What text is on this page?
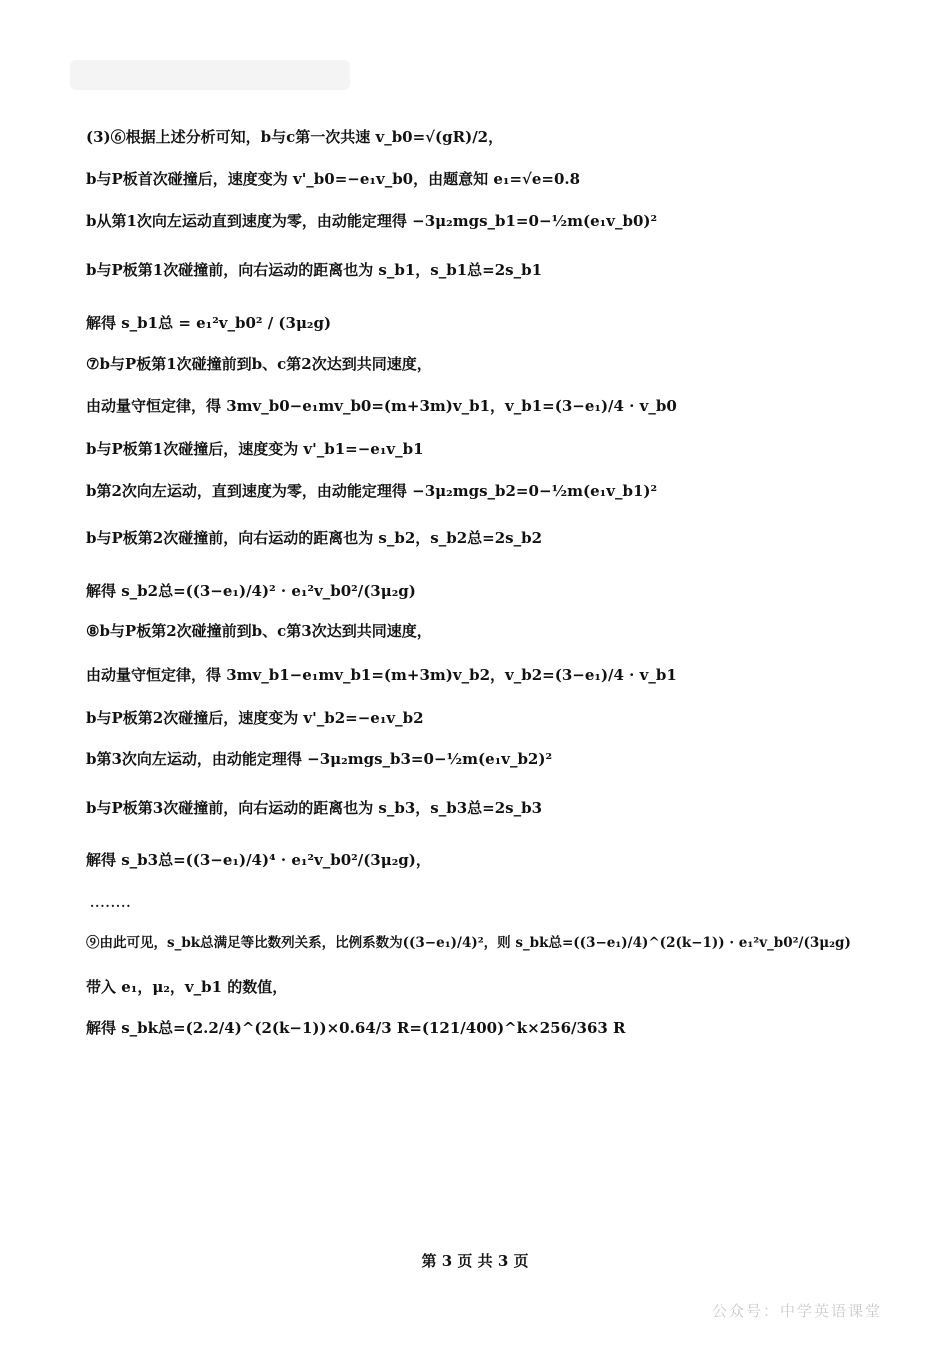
(3)⑥根据上述分析可知，b与c第一次共速 v_b0=√(gR)/2，
b与P板首次碰撞后，速度变为 v'_b0=−e₁v_b0，由题意知 e₁=√e=0.8
b从第1次向左运动直到速度为零，由动能定理得 −3μ₂mgs_b1=0−½m(e₁v_b0)²
b与P板第1次碰撞前，向右运动的距离也为 s_b1，s_b1总=2s_b1
解得 s_b1总 = e₁²v_b0² / (3μ₂g)
⑦b与P板第1次碰撞前到b、c第2次达到共同速度，
由动量守恒定律，得 3mv_b0−e₁mv_b0=(m+3m)v_b1，v_b1=(3−e₁)/4 · v_b0
b与P板第1次碰撞后，速度变为 v'_b1=−e₁v_b1
b第2次向左运动，直到速度为零，由动能定理得 −3μ₂mgs_b2=0−½m(e₁v_b1)²
b与P板第2次碰撞前，向右运动的距离也为 s_b2，s_b2总=2s_b2
解得 s_b2总=((3−e₁)/4)² · e₁²v_b0²/(3μ₂g)
⑧b与P板第2次碰撞前到b、c第3次达到共同速度，
由动量守恒定律，得 3mv_b1−e₁mv_b1=(m+3m)v_b2，v_b2=(3−e₁)/4 · v_b1
b与P板第2次碰撞后，速度变为 v'_b2=−e₁v_b2
b第3次向左运动，由动能定理得 −3μ₂mgs_b3=0−½m(e₁v_b2)²
b与P板第3次碰撞前，向右运动的距离也为 s_b3，s_b3总=2s_b3
解得 s_b3总=((3−e₁)/4)⁴ · e₁²v_b0²/(3μ₂g)，
........
⑨由此可见，s_bk总满足等比数列关系，比例系数为((3−e₁)/4)²，则 s_bk总=((3−e₁)/4)^(2(k−1)) · e₁²v_b0²/(3μ₂g)
带入 e₁，μ₂，v_b1 的数值，
解得 s_bk总=(2.2/4)^(2(k−1))×0.64/3 R=(121/400)^k×256/363 R
第 3 页 共 3 页
公众号：中学英语课堂
